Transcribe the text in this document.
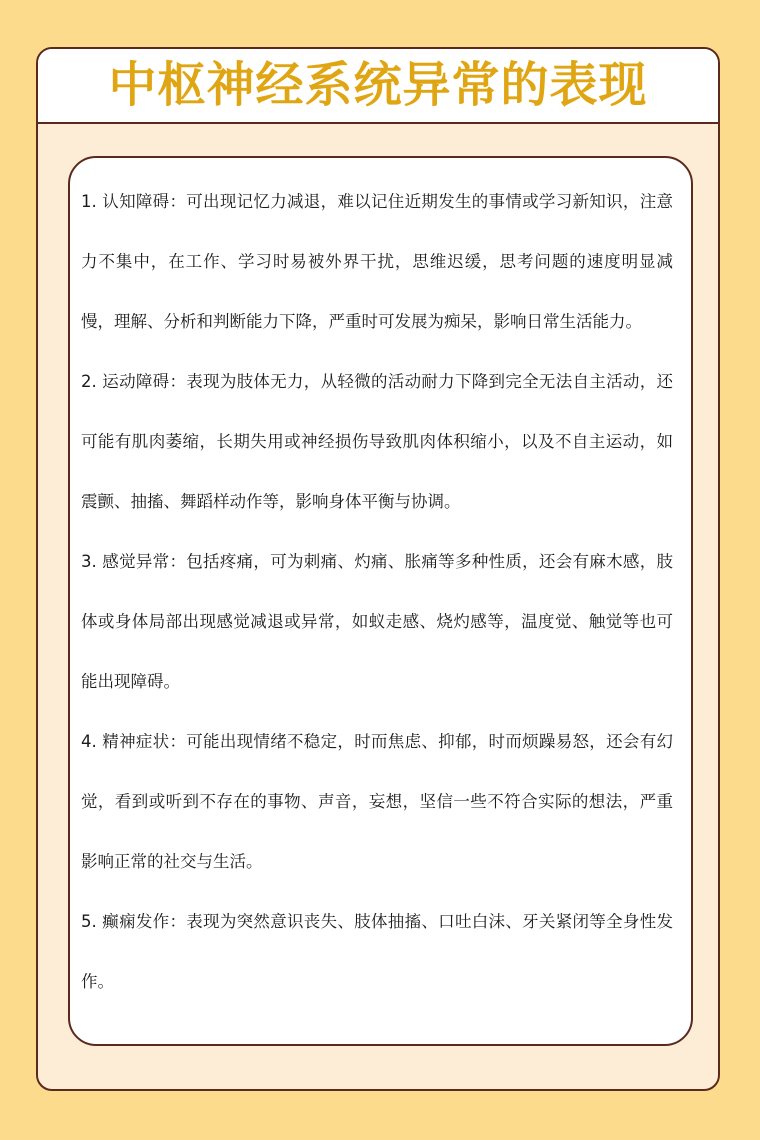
中枢神经系统异常的表现

1. 认知障碍：可出现记忆力减退，难以记住近期发生的事情或学习新知识，注意力不集中，在工作、学习时易被外界干扰，思维迟缓，思考问题的速度明显减慢，理解、分析和判断能力下降，严重时可发展为痴呆，影响日常生活能力。

2. 运动障碍：表现为肢体无力，从轻微的活动耐力下降到完全无法自主活动，还可能有肌肉萎缩，长期失用或神经损伤导致肌肉体积缩小，以及不自主运动，如震颤、抽搐、舞蹈样动作等，影响身体平衡与协调。

3. 感觉异常：包括疼痛，可为刺痛、灼痛、胀痛等多种性质，还会有麻木感，肢体或身体局部出现感觉减退或异常，如蚁走感、烧灼感等，温度觉、触觉等也可能出现障碍。

4. 精神症状：可能出现情绪不稳定，时而焦虑、抑郁，时而烦躁易怒，还会有幻觉，看到或听到不存在的事物、声音，妄想，坚信一些不符合实际的想法，严重影响正常的社交与生活。

5. 癫痫发作：表现为突然意识丧失、肢体抽搐、口吐白沫、牙关紧闭等全身性发作。
